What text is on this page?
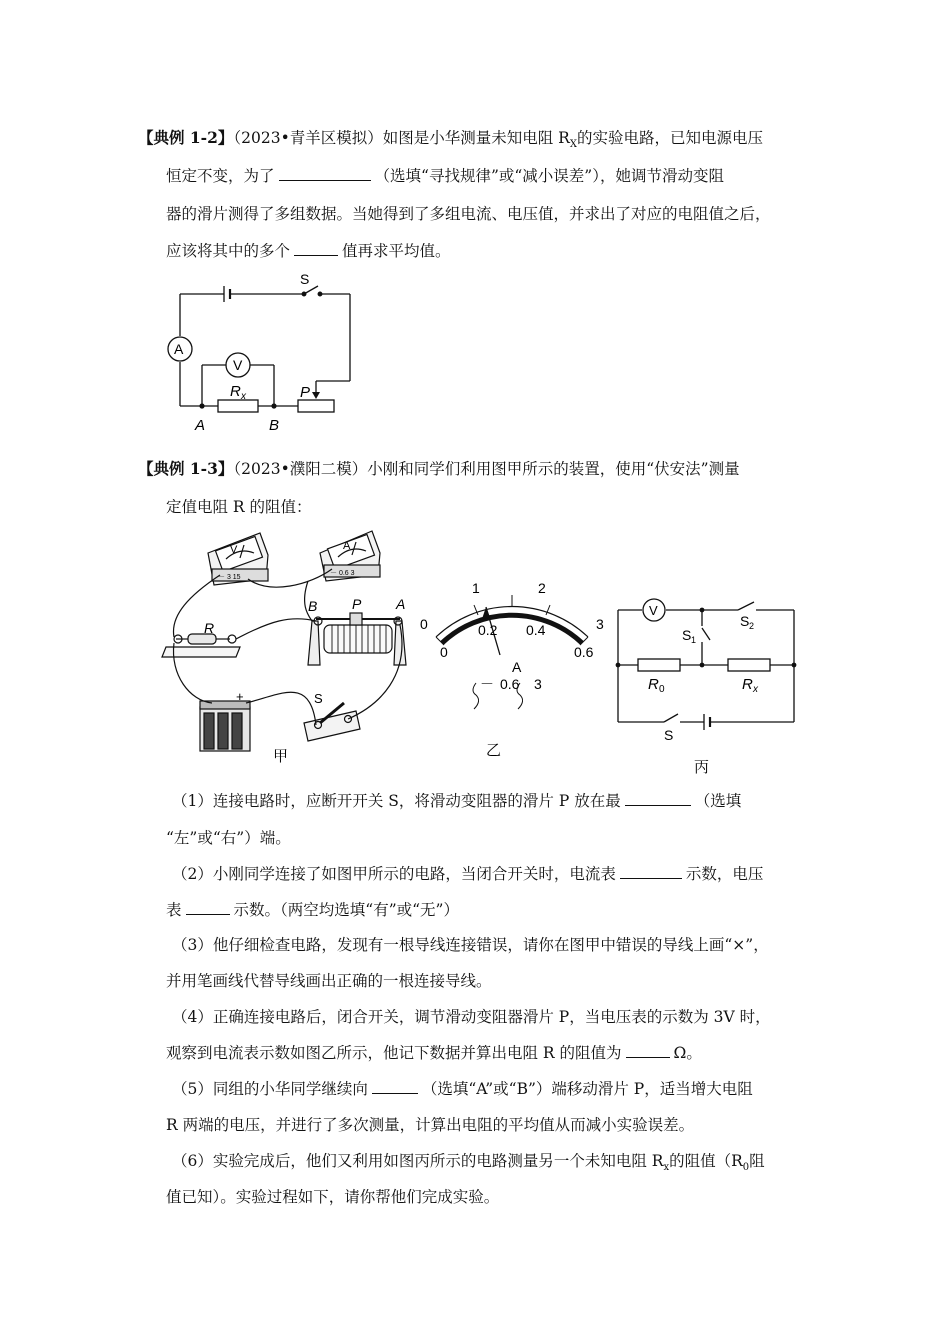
【典例 1-2】（2023•青羊区模拟）如图是小华测量未知电阻 $R_X$的实验电路，已知电源电压
恒定不变，为了	（选填“寻找规律”或“减小误差”），她调节滑动变阻
器的滑片测得了多组数据。当她得到了多组电流、电压值，并求出了对应的电阻值之后，
应该将其中的多个	值再求平均值。
S
A
V
R x	P
A	B
【典例 1-3】（2023•濮阳二模）小刚和同学们利用图甲所示的装置，使用“伏安法”测量
定值电阻 R 的阻值：
V	A
－ 3 15
－ 0.6 3
R
B P A
+	S
甲
0
1	2
3
0
0.2 0.4
0.6
A
－ 0.6 3
乙
V
S 1
S 2
R 0	R x
S
丙
（1）连接电路时，应断开开关 S，将滑动变阻器的滑片 P 放在最	（选填
“左”或“右”）端。
（2）小刚同学连接了如图甲所示的电路，当闭合开关时，电流表	示数，电压
表	示数。（两空均选填“有”或“无”）
（3）他仔细检查电路，发现有一根导线连接错误，请你在图甲中错误的导线上画“×”，
并用笔画线代替导线画出正确的一根连接导线。
（4）正确连接电路后，闭合开关，调节滑动变阻器滑片 P，当电压表的示数为 3V 时，
观察到电流表示数如图乙所示，他记下数据并算出电阻 R 的阻值为	Ω。
（5）同组的小华同学继续向	（选填“A”或“B”）端移动滑片 P，适当增大电阻
R 两端的电压，并进行了多次测量，计算出电阻的平均值从而减小实验误差。
（6）实验完成后，他们又利用如图丙所示的电路测量另一个未知电阻 $R_x$的阻值（$R_0$阻
值已知）。实验过程如下，请你帮他们完成实验。
